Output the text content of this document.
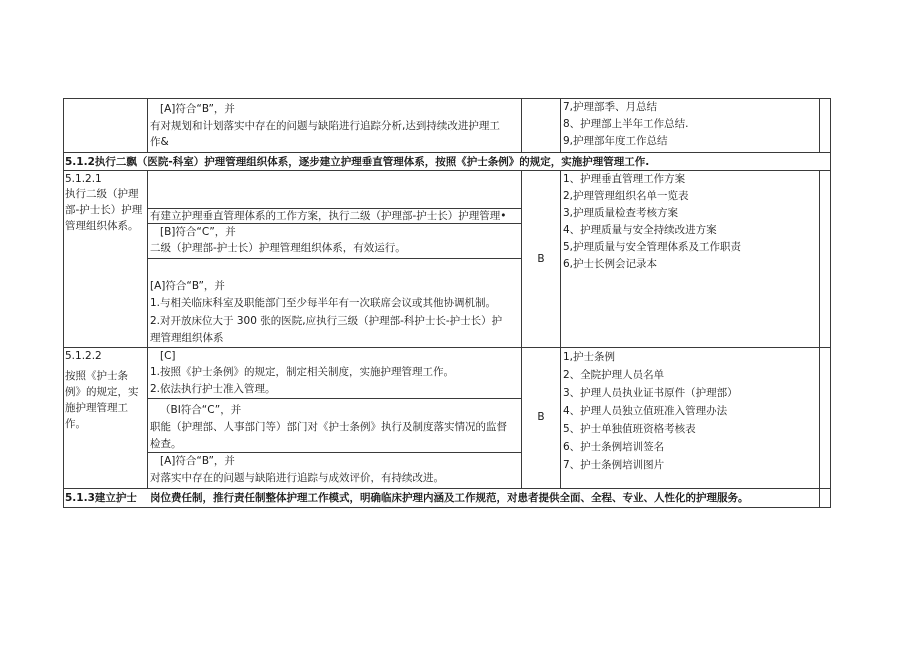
[A]符合“B”，并
有对规划和计划落实中存在的问题与缺陷进行追踪分析,达到持续改进护理工
作&
7,护理部季、月总结
8、护理部上半年工作总结.
9,护理部年度工作总结
5.1.2执行二飘（医院-科室）护理管理组织体系，逐步建立护理垂直管理体系，按照《护士条例》的规定，实施护理管理工作.
5.1.2.1
执行二级（护理
部-护士长）护理
管理组织体系。
有建立护理垂直管理体系的工作方案，执行二级（护理部-护士长）护理管理•
[B]符合“C”，并
二级（护理部-护士长）护理管理组织体系，有效运行。
[A]符合“B”，并
1.与相关临床科室及职能部门至少每半年有一次联席会议或其他协调机制。
2.对开放床位大于 300 张的医院,应执行三级（护理部-科护士长-护士长）护
理管理组织体系
B
1、护理垂直管理工作方案
2,护理管理组织名单一览表
3,护理质量检查考核方案
4、护理质量与安全持续改进方案
5,护理质量与安全管理体系及工作职责
6,护士长例会记录本
5.1.2.2
按照《护士条
例》的规定，实
施护理管理工
作。
[C]
1.按照《护士条例》的规定，制定相关制度，实施护理管理工作。
2.依法执行护士准入管理。
（BI符合“C”，并
职能（护理部、人事部门等）部门对《护士条例》执行及制度落实情况的监督
检查。
[A]符合“B”，并
对落实中存在的问题与缺陷进行追踪与成效评价，有持续改进。
B
1,护士条例
2、全院护理人员名单
3、护理人员执业证书原件（护理部）
4、护理人员独立值班准入管理办法
5、护士单独值班资格考核表
6、护士条例培训签名
7、护士条例培训图片
5.1.3建立护士 岗位费任制，推行责任制整体护理工作模式，明确临床护理内涵及工作规范，对患者提供全面、全程、专业、人性化的护理服务。
